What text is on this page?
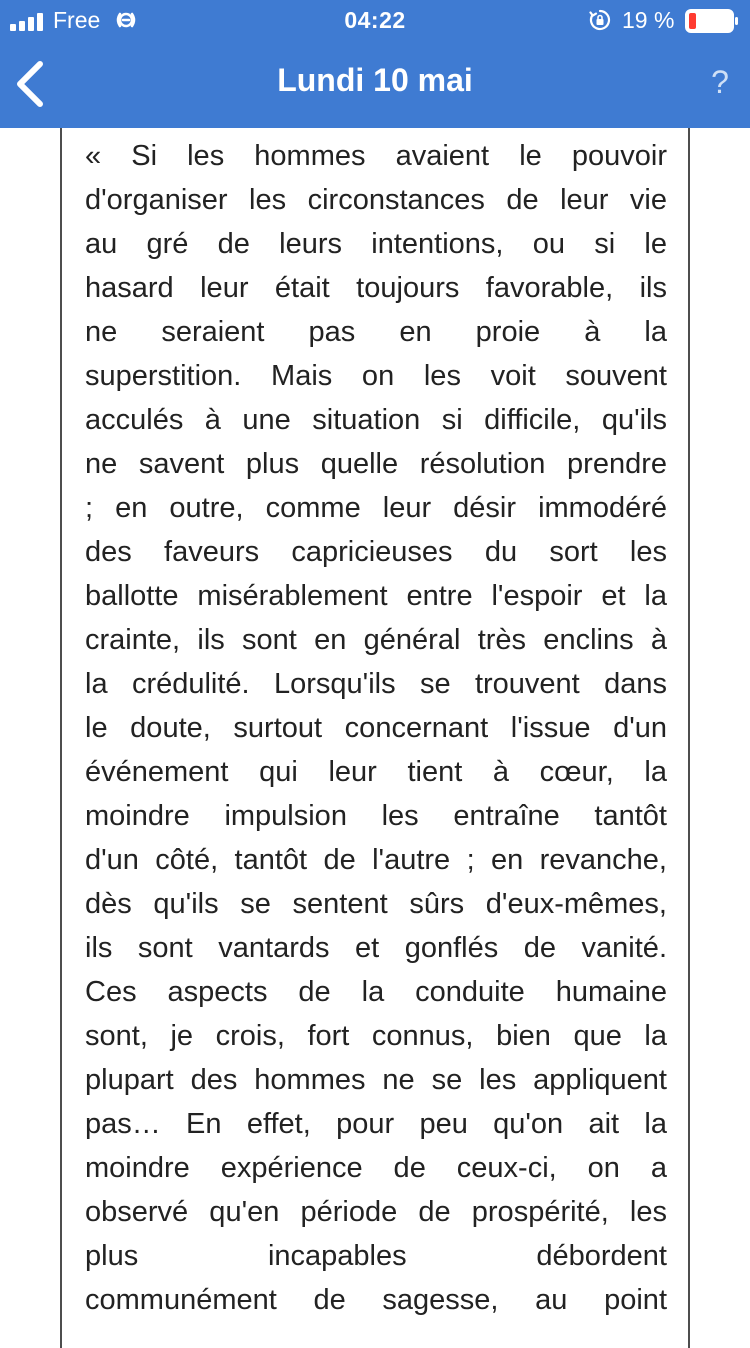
Free	04:22	19 %
Lundi 10 mai	?
« Si les hommes avaient le pouvoir
d'organiser les circonstances de leur vie
au gré de leurs intentions, ou si le
hasard leur était toujours favorable, ils
ne seraient pas en proie à la
superstition. Mais on les voit souvent
acculés à une situation si difficile, qu'ils
ne savent plus quelle résolution prendre
; en outre, comme leur désir immodéré
des faveurs capricieuses du sort les
ballotte misérablement entre l'espoir et la
crainte, ils sont en général très enclins à
la crédulité. Lorsqu'ils se trouvent dans
le doute, surtout concernant l'issue d'un
événement qui leur tient à cœur, la
moindre impulsion les entraîne tantôt
d'un côté, tantôt de l'autre ; en revanche,
dès qu'ils se sentent sûrs d'eux-mêmes,
ils sont vantards et gonflés de vanité.
Ces aspects de la conduite humaine
sont, je crois, fort connus, bien que la
plupart des hommes ne se les appliquent
pas… En effet, pour peu qu'on ait la
moindre expérience de ceux-ci, on a
observé qu'en période de prospérité, les
plus incapables débordent
communément de sagesse, au point
